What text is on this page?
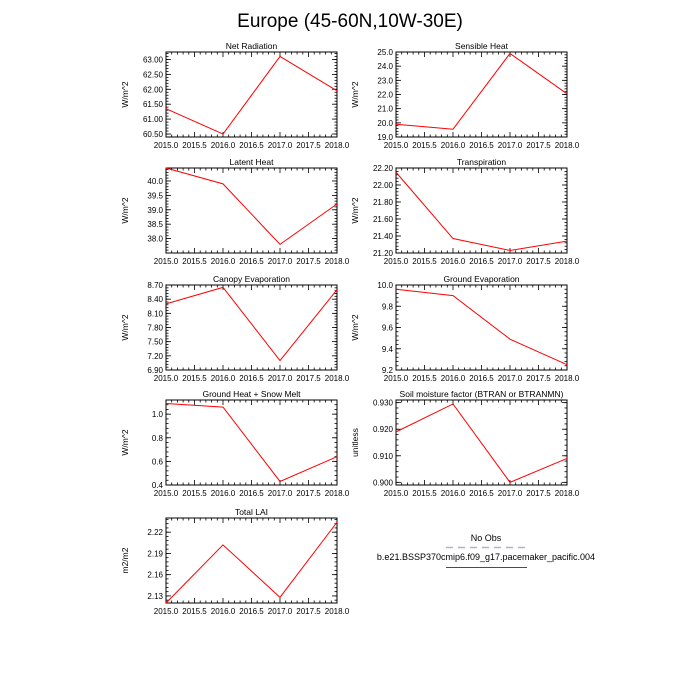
Europe (45-60N,10W-30E)
Net Radiation
2015.0 2015.5 2016.0 2016.5 2017.0 2017.5 2018.0
60.50
61.00
61.50
62.00
62.50
63.00
W/m^2
Sensible Heat
2015.0 2015.5 2016.0 2016.5 2017.0 2017.5 2018.0
19.0
20.0
21.0
22.0
23.0
24.0
25.0
W/m^2
Latent Heat
2015.0 2015.5 2016.0 2016.5 2017.0 2017.5 2018.0
38.0
38.5
39.0
39.5
40.0
W/m^2
Transpiration
2015.0 2015.5 2016.0 2016.5 2017.0 2017.5 2018.0
21.20
21.40
21.60
21.80
22.00
22.20
W/m^2
Canopy Evaporation
2015.0 2015.5 2016.0 2016.5 2017.0 2017.5 2018.0
6.90
7.20
7.50
7.80
8.10
8.40
8.70
W/m^2
Ground Evaporation
2015.0 2015.5 2016.0 2016.5 2017.0 2017.5 2018.0
9.2
9.4
9.6
9.8
10.0
W/m^2
Ground Heat + Snow Melt
2015.0 2015.5 2016.0 2016.5 2017.0 2017.5 2018.0
0.4
0.6
0.8
1.0
W/m^2
Soil moisture factor (BTRAN or BTRANMN)
2015.0 2015.5 2016.0 2016.5 2017.0 2017.5 2018.0
0.900
0.910
0.920
0.930
unitless
Total LAI
2015.0 2015.5 2016.0 2016.5 2017.0 2017.5 2018.0
2.13
2.16
2.19
2.22
m2/m2
No Obs
b.e21.BSSP370cmip6.f09_g17.pacemaker_pacific.004
